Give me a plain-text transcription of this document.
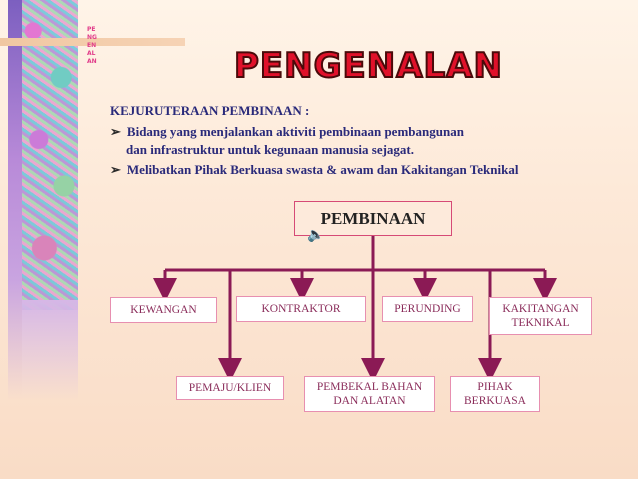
PENGENALAN	PENGENALAN
KEJURUTERAAN PEMBINAAN :
➢ Bidang yang menjalankan aktiviti pembinaan pembangunan
dan infrastruktur untuk kegunaan manusia sejagat.
➢ Melibatkan Pihak Berkuasa swasta & awam dan Kakitangan Teknikal
PEMBINAAN
🔈
KEWANGAN	KONTRAKTOR	PERUNDING	KAKITANGAN TEKNIKAL
PEMAJU/KLIEN	PEMBEKAL BAHAN DAN ALATAN
PIHAK BERKUASA
